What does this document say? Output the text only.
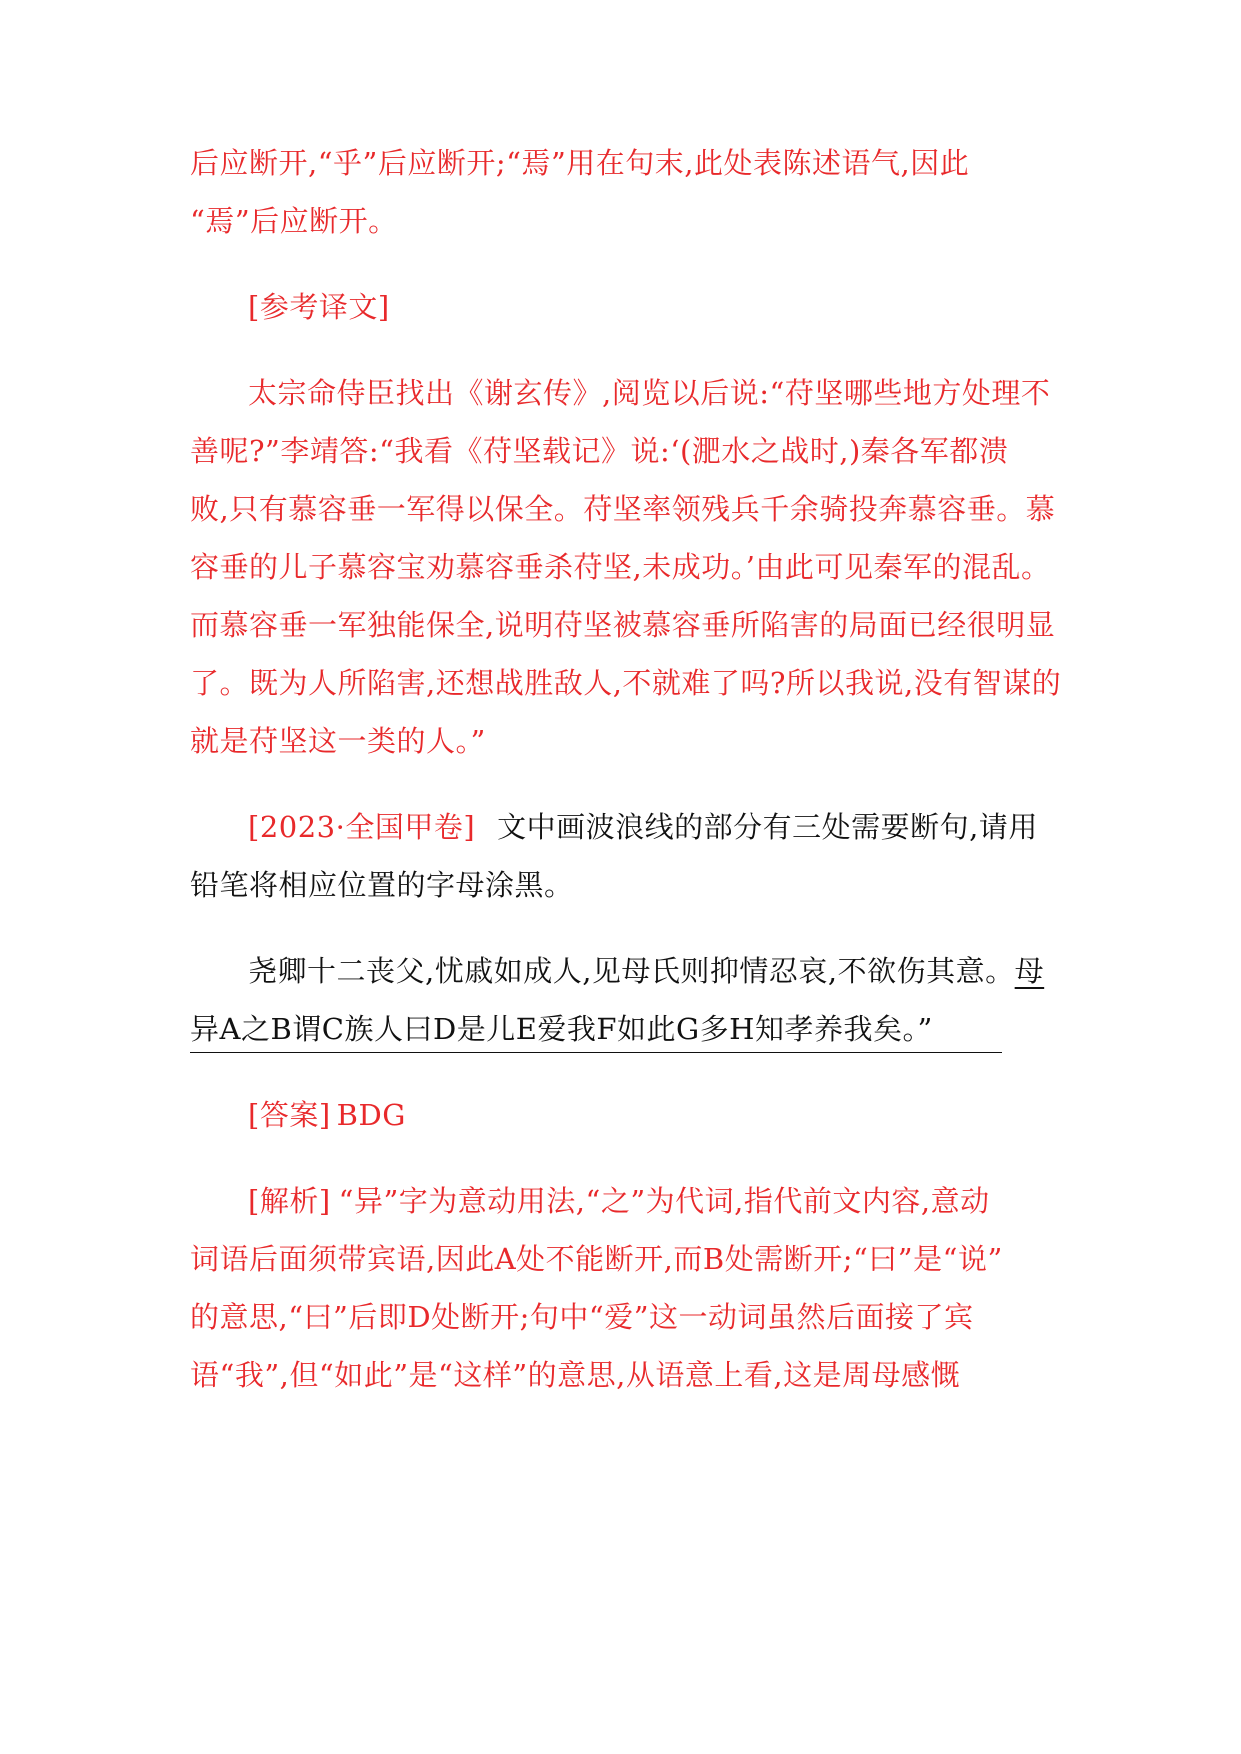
后应断开,“乎”后应断开;“焉”用在句末,此处表陈述语气,因此
“焉”后应断开。
[参考译文]
太宗命侍臣找出《谢玄传》,阅览以后说:“苻坚哪些地方处理不
善呢?”李靖答:“我看《苻坚载记》说:‘(淝水之战时,)秦各军都溃
败,只有慕容垂一军得以保全。苻坚率领残兵千余骑投奔慕容垂。慕
容垂的儿子慕容宝劝慕容垂杀苻坚,未成功。’由此可见秦军的混乱。
而慕容垂一军独能保全,说明苻坚被慕容垂所陷害的局面已经很明显
了。既为人所陷害,还想战胜敌人,不就难了吗?所以我说,没有智谋的
就是苻坚这一类的人。”
[2023·全国甲卷] 文中画波浪线的部分有三处需要断句,请用
铅笔将相应位置的字母涂黑。
尧卿十二丧父,忧戚如成人,见母氏则抑情忍哀,不欲伤其意。母
异A之B谓C族人曰D是儿E爱我F如此G多H知孝养我矣。”
[答案] BDG
[解析] “异”字为意动用法,“之”为代词,指代前文内容,意动
词语后面须带宾语,因此A处不能断开,而B处需断开;“曰”是“说”
的意思,“曰”后即D处断开;句中“爱”这一动词虽然后面接了宾
语“我”,但“如此”是“这样”的意思,从语意上看,这是周母感慨
